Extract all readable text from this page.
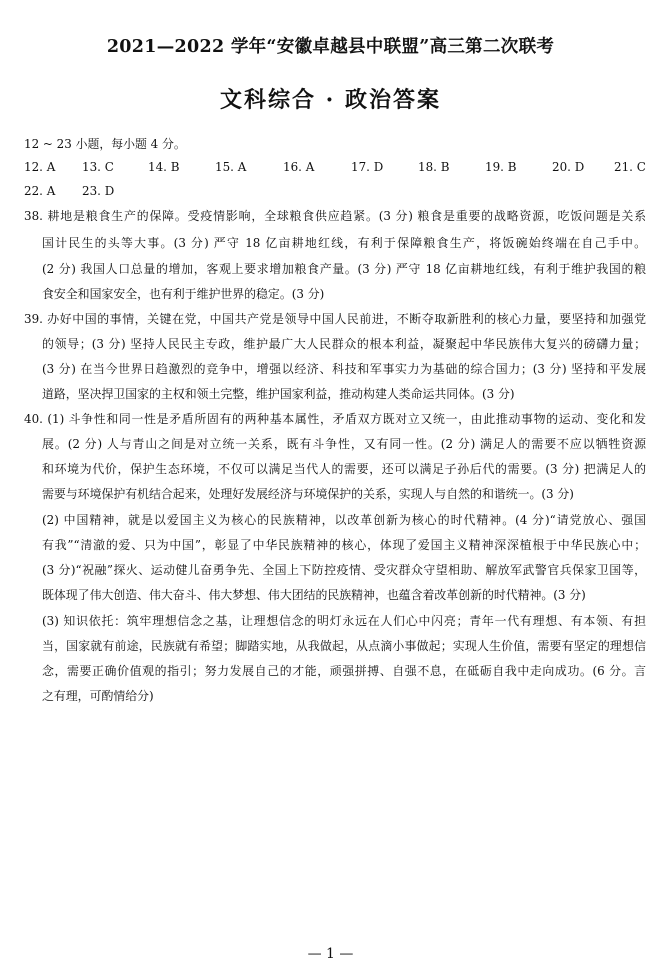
2021—2022 学年“安徽卓越县中联盟”高三第二次联考
文科综合 · 政治答案
12 ~ 23 小题，每小题 4 分。
12. A 13. C	14. B	15. A	16. A	17. D	18. B	19. B	20. D	21. C
22. A 23. D
38. 耕地是粮食生产的保障。受疫情影响，全球粮食供应趋紧。(3 分) 粮食是重要的战略资源，吃饭问题是关系
国计民生的头等大事。(3 分) 严守 18 亿亩耕地红线，有利于保障粮食生产，将饭碗始终端在自己手中。
(2 分) 我国人口总量的增加，客观上要求增加粮食产量。(3 分) 严守 18 亿亩耕地红线，有利于维护我国的粮
食安全和国家安全，也有利于维护世界的稳定。(3 分)
39. 办好中国的事情，关键在党，中国共产党是领导中国人民前进，不断夺取新胜利的核心力量，要坚持和加强党
的领导；(3 分) 坚持人民民主专政，维护最广大人民群众的根本利益，凝聚起中华民族伟大复兴的磅礴力量；
(3 分) 在当今世界日趋激烈的竞争中，增强以经济、科技和军事实力为基础的综合国力；(3 分) 坚持和平发展
道路，坚决捍卫国家的主权和领土完整，维护国家利益，推动构建人类命运共同体。(3 分)
40. (1) 斗争性和同一性是矛盾所固有的两种基本属性，矛盾双方既对立又统一，由此推动事物的运动、变化和发
展。(2 分) 人与青山之间是对立统一关系，既有斗争性，又有同一性。(2 分) 满足人的需要不应以牺牲资源
和环境为代价，保护生态环境，不仅可以满足当代人的需要，还可以满足子孙后代的需要。(3 分) 把满足人的
需要与环境保护有机结合起来，处理好发展经济与环境保护的关系，实现人与自然的和谐统一。(3 分)
(2) 中国精神，就是以爱国主义为核心的民族精神，以改革创新为核心的时代精神。(4 分)“请党放心、强国
有我”“清澈的爱、只为中国”，彰显了中华民族精神的核心，体现了爱国主义精神深深植根于中华民族心中；
(3 分)“祝融”探火、运动健儿奋勇争先、全国上下防控疫情、受灾群众守望相助、解放军武警官兵保家卫国等，
既体现了伟大创造、伟大奋斗、伟大梦想、伟大团结的民族精神，也蕴含着改革创新的时代精神。(3 分)
(3) 知识依托：筑牢理想信念之基，让理想信念的明灯永远在人们心中闪亮；青年一代有理想、有本领、有担
当，国家就有前途，民族就有希望；脚踏实地，从我做起，从点滴小事做起；实现人生价值，需要有坚定的理想信
念，需要正确价值观的指引；努力发展自己的才能，顽强拼搏、自强不息，在砥砺自我中走向成功。(6 分。言
之有理，可酌情给分)
— 1 —
